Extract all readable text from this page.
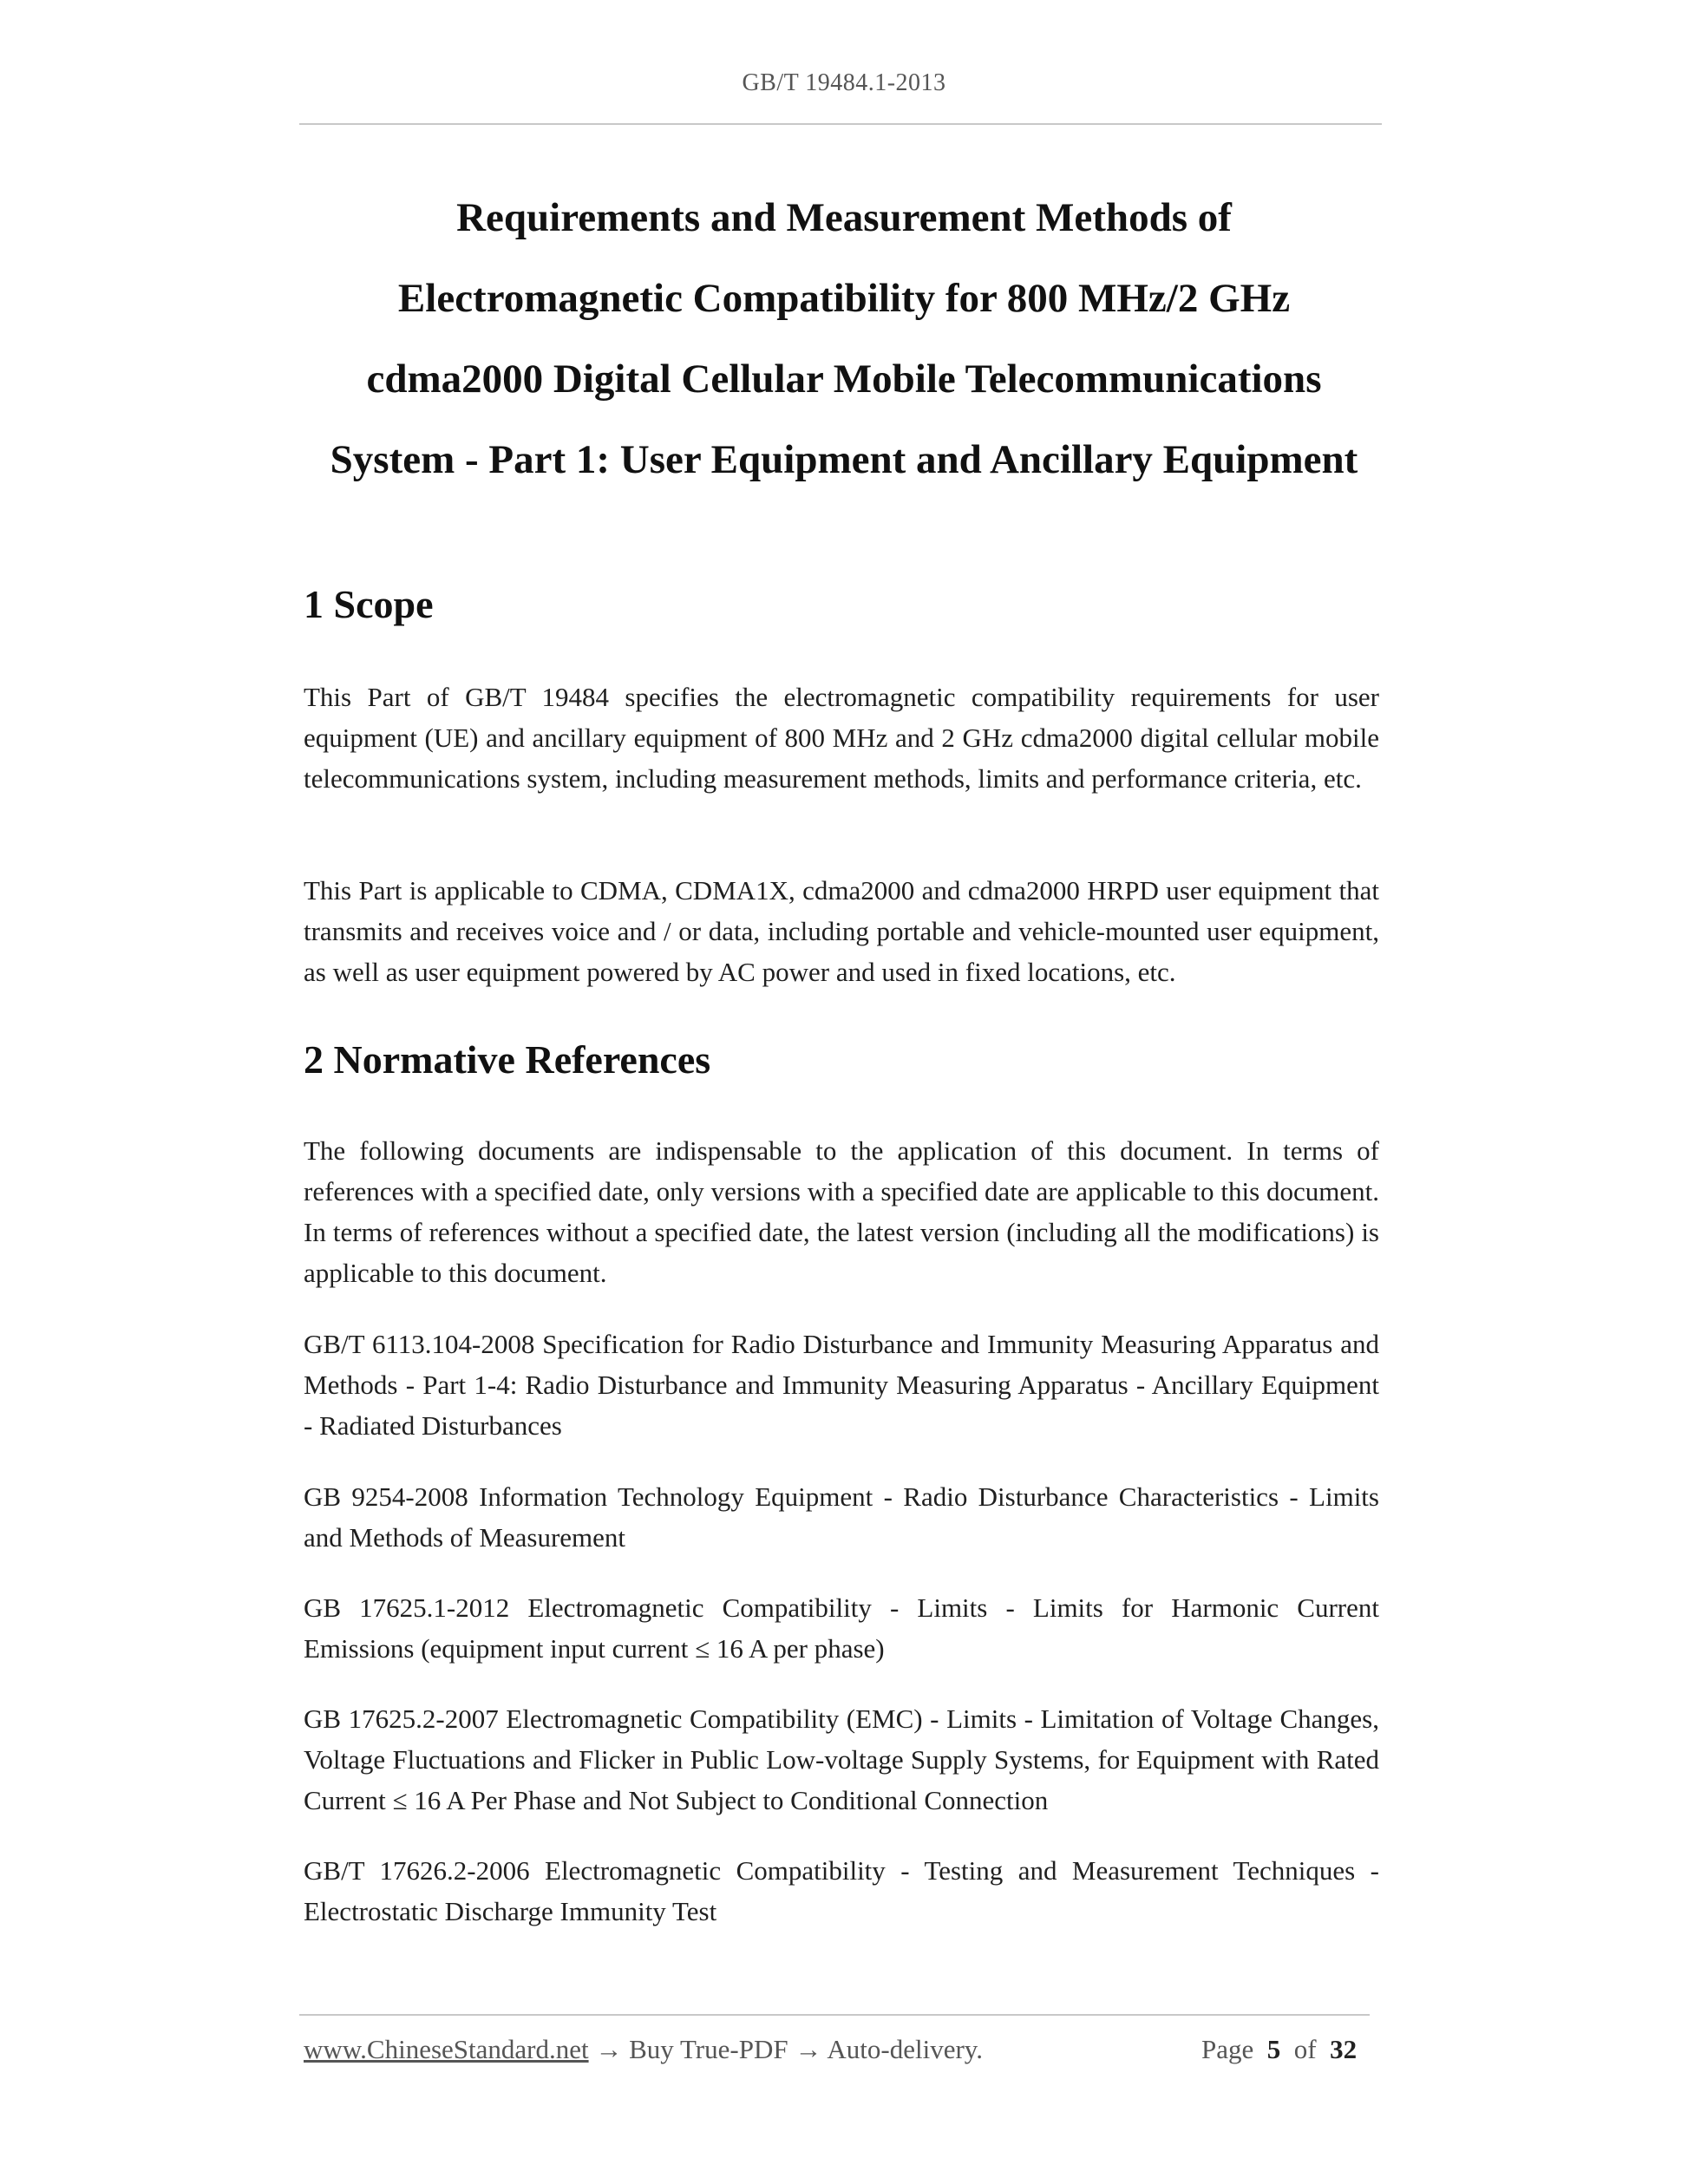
GB/T 19484.1-2013
Requirements and Measurement Methods of
Electromagnetic Compatibility for 800 MHz/2 GHz
cdma2000 Digital Cellular Mobile Telecommunications
System - Part 1: User Equipment and Ancillary Equipment
1 Scope

This Part of GB/T 19484 specifies the electromagnetic compatibility requirements for user equipment (UE) and ancillary equipment of 800 MHz and 2 GHz cdma2000 digital cellular mobile telecommunications system, including measurement methods, limits and performance criteria, etc.

This Part is applicable to CDMA, CDMA1X, cdma2000 and cdma2000 HRPD user equipment that transmits and receives voice and / or data, including portable and vehicle-mounted user equipment, as well as user equipment powered by AC power and used in fixed locations, etc.

2 Normative References

The following documents are indispensable to the application of this document. In terms of references with a specified date, only versions with a specified date are applicable to this document. In terms of references without a specified date, the latest version (including all the modifications) is applicable to this document.

GB/T 6113.104-2008 Specification for Radio Disturbance and Immunity Measuring Apparatus and Methods - Part 1-4: Radio Disturbance and Immunity Measuring Apparatus - Ancillary Equipment - Radiated Disturbances

GB 9254-2008 Information Technology Equipment - Radio Disturbance Characteristics - Limits and Methods of Measurement

GB 17625.1-2012 Electromagnetic Compatibility - Limits - Limits for Harmonic Current Emissions (equipment input current ≤ 16 A per phase)

GB 17625.2-2007 Electromagnetic Compatibility (EMC) - Limits - Limitation of Voltage Changes, Voltage Fluctuations and Flicker in Public Low-voltage Supply Systems, for Equipment with Rated Current ≤ 16 A Per Phase and Not Subject to Conditional Connection

GB/T 17626.2-2006 Electromagnetic Compatibility - Testing and Measurement Techniques - Electrostatic Discharge Immunity Test

www.ChineseStandard.net → Buy True-PDF → Auto-delivery.	Page 5 of 32
